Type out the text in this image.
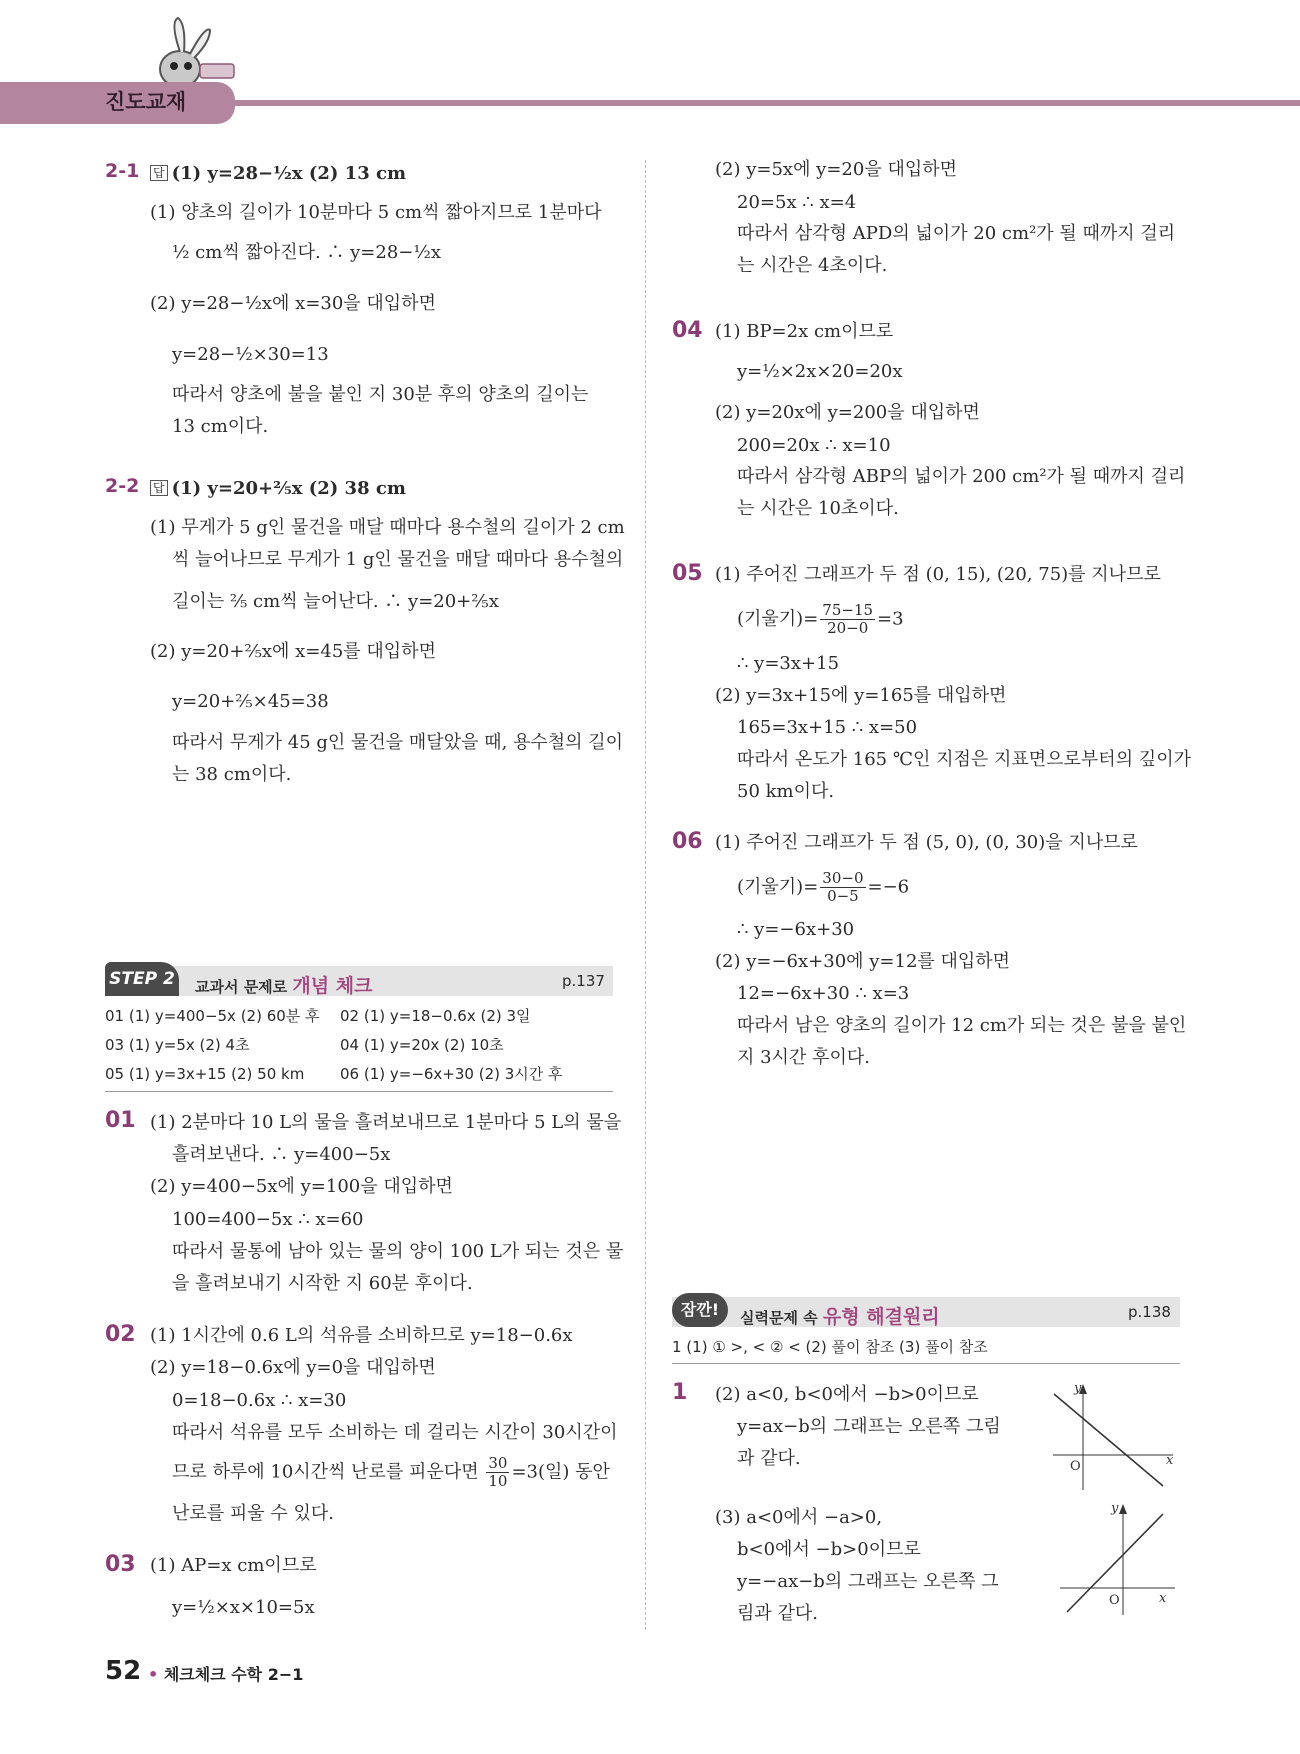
진도교재
2-1 답 (1) y=28−½x (2) 13 cm
(1) 양초의 길이가 10분마다 5 cm씩 짧아지므로 1분마다
½ cm씩 짧아진다. ∴ y=28−½x
(2) y=28−½x에 x=30을 대입하면
y=28−½×30=13
따라서 양초에 불을 붙인 지 30분 후의 양초의 길이는
13 cm이다.
2-2 답 (1) y=20+⅖x (2) 38 cm
(1) 무게가 5 g인 물건을 매달 때마다 용수철의 길이가 2 cm
씩 늘어나므로 무게가 1 g인 물건을 매달 때마다 용수철의
길이는 ⅖ cm씩 늘어난다. ∴ y=20+⅖x
(2) y=20+⅖x에 x=45를 대입하면
y=20+⅖×45=38
따라서 무게가 45 g인 물건을 매달았을 때, 용수철의 길이
는 38 cm이다.
STEP 2 교과서 문제로 개념 체크	p.137
01 (1) y=400−5x (2) 60분 후 02 (1) y=18−0.6x (2) 3일
03 (1) y=5x (2) 4초	04 (1) y=20x (2) 10초
05 (1) y=3x+15 (2) 50 km 06 (1) y=−6x+30 (2) 3시간 후
01 (1) 2분마다 10 L의 물을 흘려보내므로 1분마다 5 L의 물을
흘려보낸다. ∴ y=400−5x
(2) y=400−5x에 y=100을 대입하면
100=400−5x ∴ x=60
따라서 물통에 남아 있는 물의 양이 100 L가 되는 것은 물
을 흘려보내기 시작한 지 60분 후이다.
02 (1) 1시간에 0.6 L의 석유를 소비하므로 y=18−0.6x
(2) y=18−0.6x에 y=0을 대입하면
0=18−0.6x ∴ x=30
따라서 석유를 모두 소비하는 데 걸리는 시간이 30시간이
므로 하루에 10시간씩 난로를 피운다면 $\frac{30}{10} =3$(일) 동안
난로를 피울 수 있다.
03 (1) AP=x cm이므로
y=½×x×10=5x
(2) y=5x에 y=20을 대입하면
20=5x ∴ x=4
따라서 삼각형 APD의 넓이가 20 cm²가 될 때까지 걸리
는 시간은 4초이다.
04 (1) BP=2x cm이므로
y=½×2x×20=20x
(2) y=20x에 y=200을 대입하면
200=20x ∴ x=10
따라서 삼각형 ABP의 넓이가 200 cm²가 될 때까지 걸리
는 시간은 10초이다.
05 (1) 주어진 그래프가 두 점 (0, 15), (20, 75)를 지나므로
(기울기)= $\frac{75-15}{20-0} =3$
∴ y=3x+15
(2) y=3x+15에 y=165를 대입하면
165=3x+15 ∴ x=50
따라서 온도가 165 ℃인 지점은 지표면으로부터의 깊이가
50 km이다.
06 (1) 주어진 그래프가 두 점 (5, 0), (0, 30)을 지나므로
(기울기)= $\frac{30-0}{0-5} =-6$
∴ y=−6x+30
(2) y=−6x+30에 y=12를 대입하면
12=−6x+30 ∴ x=3
따라서 남은 양초의 길이가 12 cm가 되는 것은 불을 붙인
지 3시간 후이다.
잠깐!	실력문제 속 유형 해결원리	p.138
1 (1) ① >, < ② < (2) 풀이 참조 (3) 풀이 참조
1 (2) a<0, b<0에서 −b>0이므로
y=ax−b의 그래프는 오른쪽 그림
과 같다.
(3) a<0에서 −a>0,
b<0에서 −b>0이므로
y=−ax−b의 그래프는 오른쪽 그
림과 같다.
y
x
O
y
x
O
52 • 체크체크 수학 2−1
